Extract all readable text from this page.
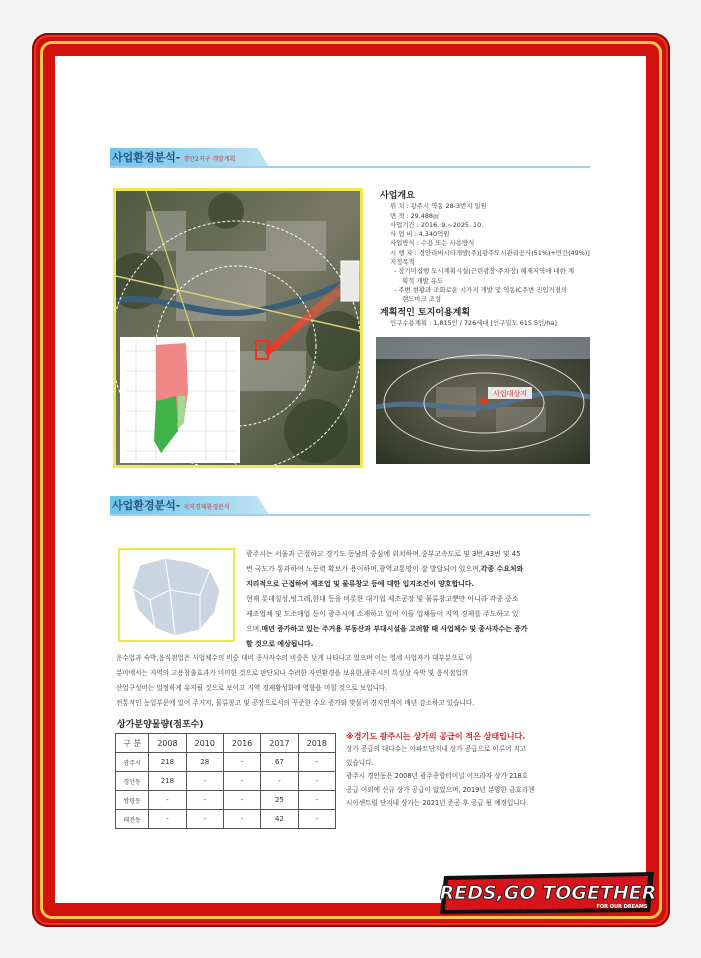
사업환경분석- 경안2지구 개발계획
사업개요
위 치 : 광주시 역동 28-3번지 일원
면 적 : 29,488㎡
사업기간 : 2016. 9.~2025. 10.
사 업 비 : 4,340억원
사업방식 : 수용 또는 사용방식
시 행 자 : 경안리버시티개발(주)[광주도시관리공사(51%)+민간(49%)]
지정목적
- 장기미집행 도시계획시설(근린광장·주차장) 해제지역에 대한 계
획적 개발 유도
- 주변 현황과 조화로운 시가지 개발 및 역동IC주변 진입거점의
랜드마크 조성
계획적인 토지이용계획
인구수용계획 : 1,815인 / 726세대 [인구밀도 615.5인/ha]
사업대상지
사업환경분석- 지역경제환경분석
광주시는 서울과 근접하고 경기도 동남의 중심에 위치하며,중부고속도로 및 3번,43번 및 45
번 국도가 통과하여 노동력 확보가 용이하며,광역교통망이 잘 발달되어 있으며,각종 수요처와
지리적으로 근접하여 제조업 및 물류창고 등에 대한 입지조건이 양호합니다.
현재 롯데칠성,빙그레,한대 등을 비롯한 대기업 제조공장 및 물류창고뿐만 아니라 각종 중소
제조업체 및 도소매업 등이 광주시에 소재하고 있어 이들 업체들이 지역 경제를 주도하고 있
으며,매년 증가하고 있는 주거용 부동산과 부대시설을 고려할 때 사업체수 및 종사자수는 증가
할 것으로 예상됩니다.
운수업과 숙박,음식점업은 사업체수의 비중 대비 종사자수의 비중은 낮게 나타나고 있으며 이는 영세 사업자가 대부분으로 이
분야에서는 지역의 고용창출효과가 미미한 것으로 판단되나 수려한 자연환경을 보유한,광주시의 특성상 숙박 및 음식점업의
산업구성비는 일정하게 유지될 것으로 보이고 지역 경제활성화에 영향을 미칠 것으로 보입니다.
전통적인 농업부문에 있어 주거지, 물류창고 및 공장으로서의 꾸준한 수요 증가와 맞물려 경지면적이 매년 감소하고 있습니다.
상가분양물량(점포수)
구 분	2008	2010	2016	2017	2018
광주시	218	28	-	67	-
경안동	218	-	-	-	-
쌍령동	-	-	-	25	-
태전동	-	-	-	42	-
※경기도 광주시는 상가의 공급이 적은 상태입니다.
상가 공급의 대다수는 아파트단지내 상가 공급으로 이루어 지고
있습니다.
광주시 경안동은 2008년 광주종합터미널 이프라자 상가 218호
공급 이외에 신규 상가 공급이 없었으며, 2019년 분양한 금호리첸
시아센트럴 단지내 상가는 2021년 준공 후 공급 될 예정입니다.
REDS,GO TOGETHER
FOR OUR DREAMS
